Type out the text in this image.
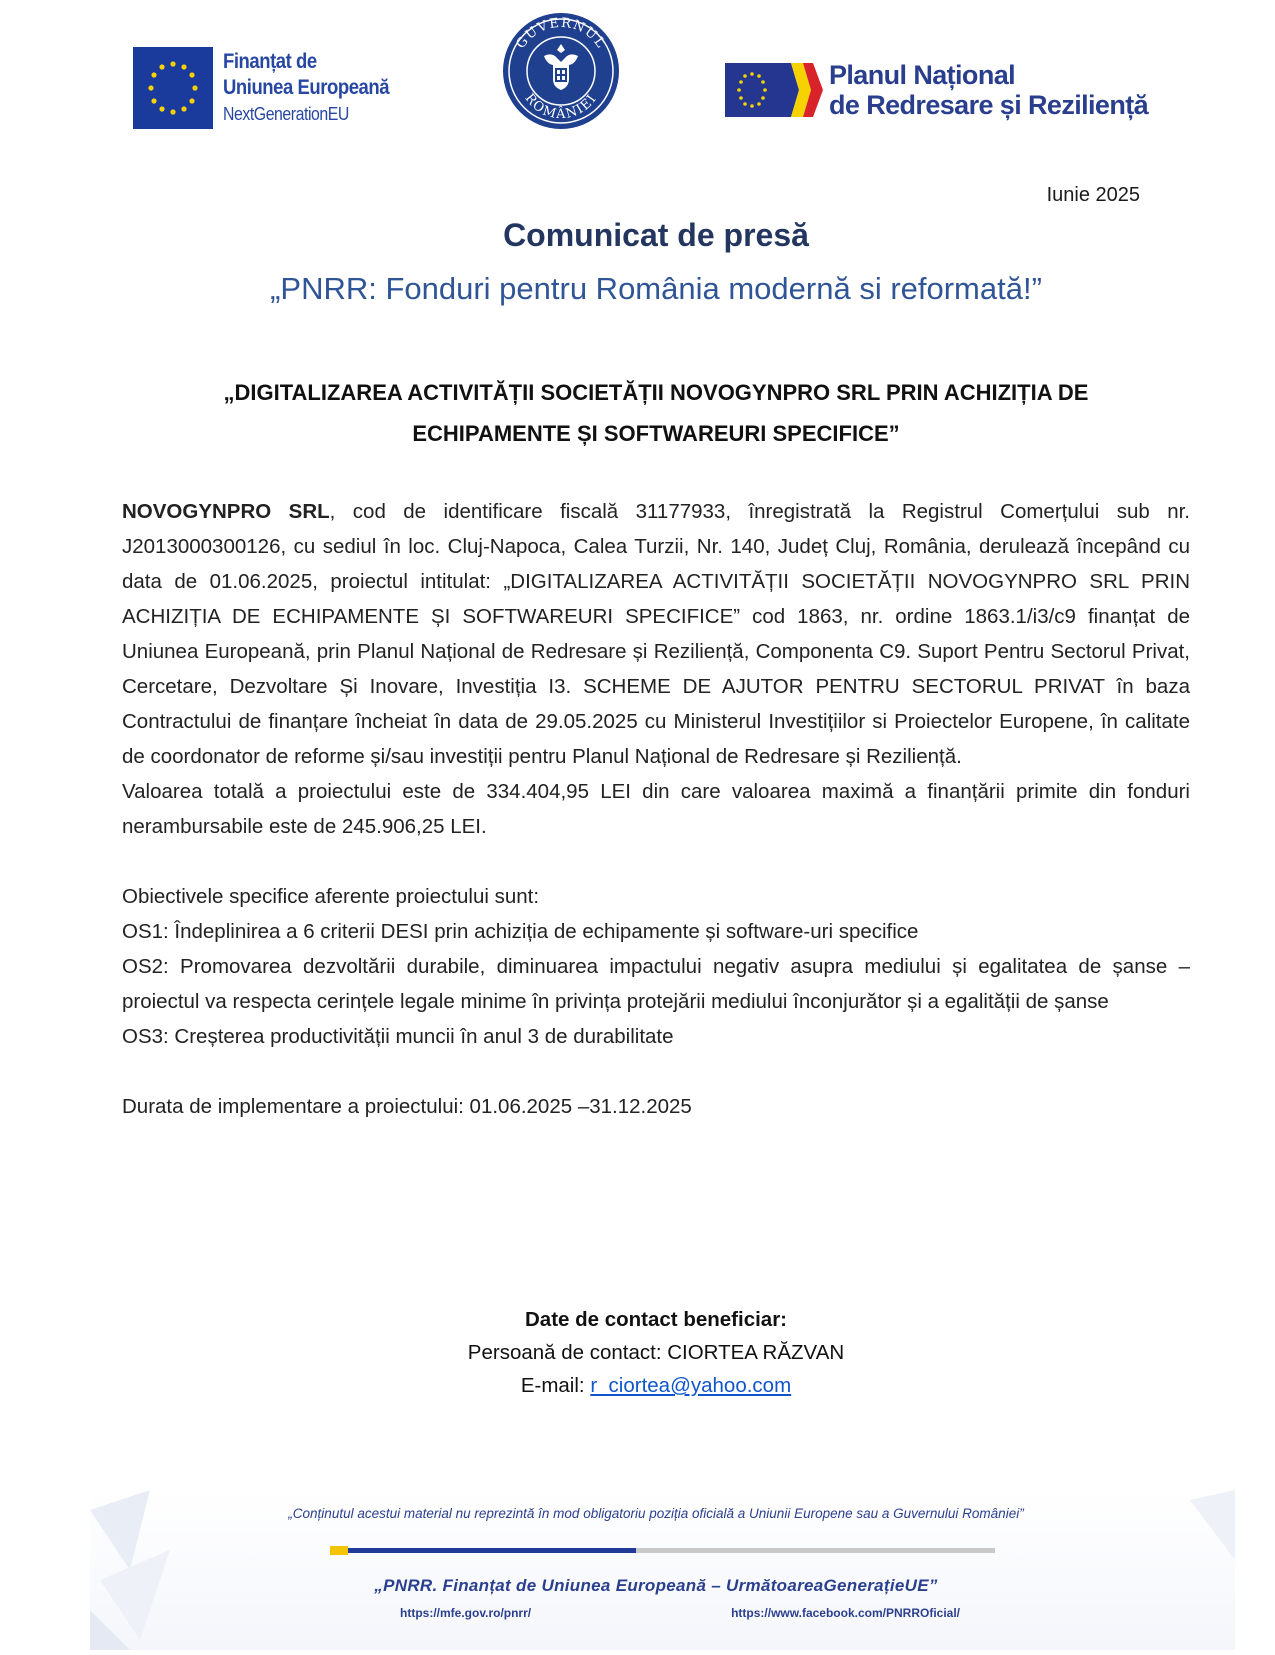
Finanțat de
Uniunea Europeană
NextGenerationEU
GUVERNUL
ROMÂNIEI
Planul Național
de Redresare și Reziliență
Iunie 2025
Comunicat de presă
„PNRR: Fonduri pentru România modernă si reformată!”
„DIGITALIZAREA ACTIVITĂȚII SOCIETĂȚII NOVOGYNPRO SRL PRIN ACHIZIȚIA DE ECHIPAMENTE ȘI SOFTWAREURI SPECIFICE”

NOVOGYNPRO SRL, cod de identificare fiscală 31177933, înregistrată la Registrul Comerțului sub nr. J2013000300126, cu sediul în loc. Cluj-Napoca, Calea Turzii, Nr. 140, Județ Cluj, România, derulează începând cu data de 01.06.2025, proiectul intitulat: „DIGITALIZAREA ACTIVITĂȚII SOCIETĂȚII NOVOGYNPRO SRL PRIN ACHIZIȚIA DE ECHIPAMENTE ȘI SOFTWAREURI SPECIFICE” cod 1863, nr. ordine 1863.1/i3/c9 finanțat de Uniunea Europeană, prin Planul Național de Redresare și Reziliență, Componenta C9. Suport Pentru Sectorul Privat, Cercetare, Dezvoltare Și Inovare, Investiția I3. SCHEME DE AJUTOR PENTRU SECTORUL PRIVAT în baza Contractului de finanțare încheiat în data de 29.05.2025 cu Ministerul Investițiilor si Proiectelor Europene, în calitate de coordonator de reforme și/sau investiții pentru Planul Național de Redresare și Reziliență.

Valoarea totală a proiectului este de 334.404,95 LEI din care valoarea maximă a finanțării primite din fonduri nerambursabile este de 245.906,25 LEI.

Obiectivele specifice aferente proiectului sunt:

OS1: Îndeplinirea a 6 criterii DESI prin achiziția de echipamente și software-uri specifice

OS2: Promovarea dezvoltării durabile, diminuarea impactului negativ asupra mediului și egalitatea de șanse – proiectul va respecta cerințele legale minime în privința protejării mediului înconjurător și a egalității de șanse

OS3: Creșterea productivității muncii în anul 3 de durabilitate

Durata de implementare a proiectului: 01.06.2025 –31.12.2025

Date de contact beneficiar:
Persoană de contact: CIORTEA RĂZVAN
E-mail: r_ciortea@yahoo.com
„Conținutul acestui material nu reprezintă în mod obligatoriu poziția oficială a Uniunii Europene sau a Guvernului României”
„PNRR. Finanțat de Uniunea Europeană – UrmătoareaGenerațieUE”
https://mfe.gov.ro/pnrr/	https://www.facebook.com/PNRROficial/
